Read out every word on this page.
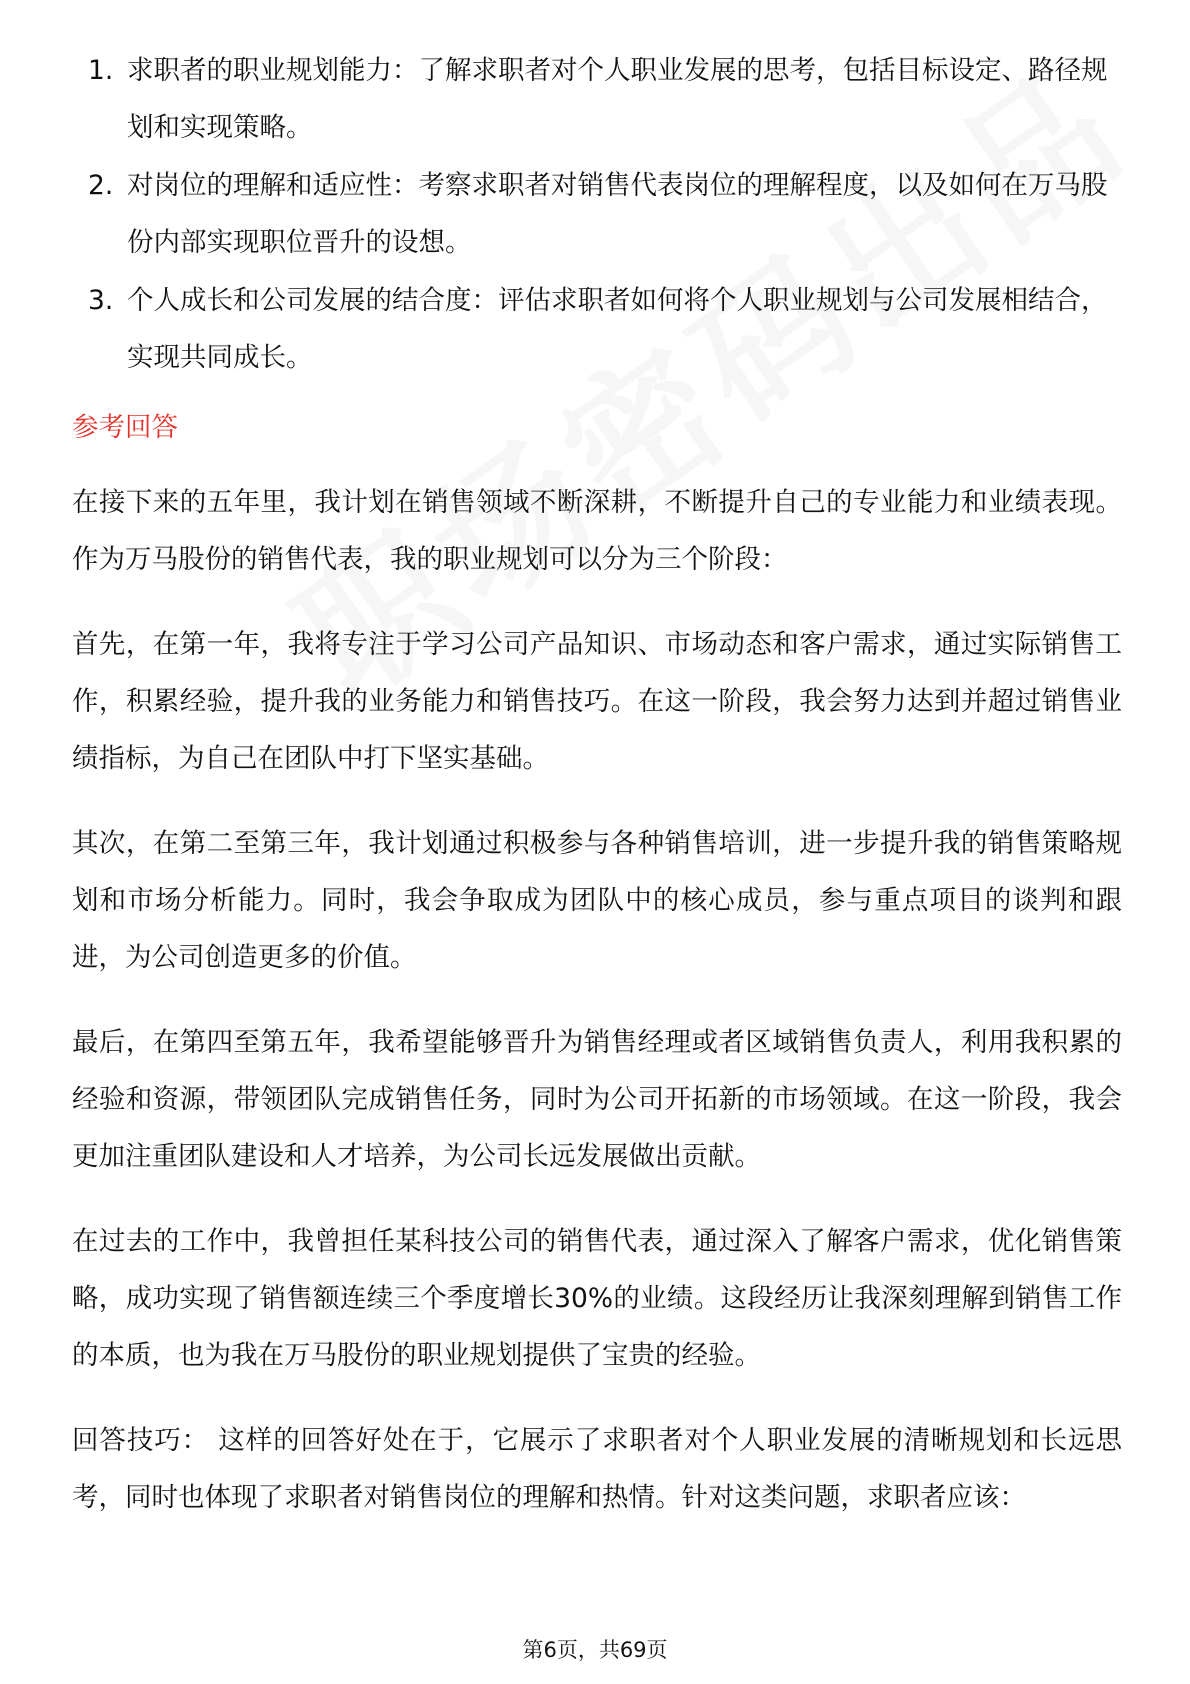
1. 求职者的职业规划能力：了解求职者对个人职业发展的思考，包括目标设定、路径规划和实现策略。
2. 对岗位的理解和适应性：考察求职者对销售代表岗位的理解程度，以及如何在万马股份内部实现职位晋升的设想。
3. 个人成长和公司发展的结合度：评估求职者如何将个人职业规划与公司发展相结合，实现共同成长。
参考回答

在接下来的五年里，我计划在销售领域不断深耕，不断提升自己的专业能力和业绩表现。作为万马股份的销售代表，我的职业规划可以分为三个阶段：

首先，在第一年，我将专注于学习公司产品知识、市场动态和客户需求，通过实际销售工作，积累经验，提升我的业务能力和销售技巧。在这一阶段，我会努力达到并超过销售业绩指标，为自己在团队中打下坚实基础。

其次，在第二至第三年，我计划通过积极参与各种销售培训，进一步提升我的销售策略规划和市场分析能力。同时，我会争取成为团队中的核心成员，参与重点项目的谈判和跟进，为公司创造更多的价值。

最后，在第四至第五年，我希望能够晋升为销售经理或者区域销售负责人，利用我积累的经验和资源，带领团队完成销售任务，同时为公司开拓新的市场领域。在这一阶段，我会更加注重团队建设和人才培养，为公司长远发展做出贡献。

在过去的工作中，我曾担任某科技公司的销售代表，通过深入了解客户需求，优化销售策略，成功实现了销售额连续三个季度增长30%的业绩。这段经历让我深刻理解到销售工作的本质，也为我在万马股份的职业规划提供了宝贵的经验。

回答技巧： 这样的回答好处在于，它展示了求职者对个人职业发展的清晰规划和长远思考，同时也体现了求职者对销售岗位的理解和热情。针对这类问题，求职者应该：

第6页，共69页
